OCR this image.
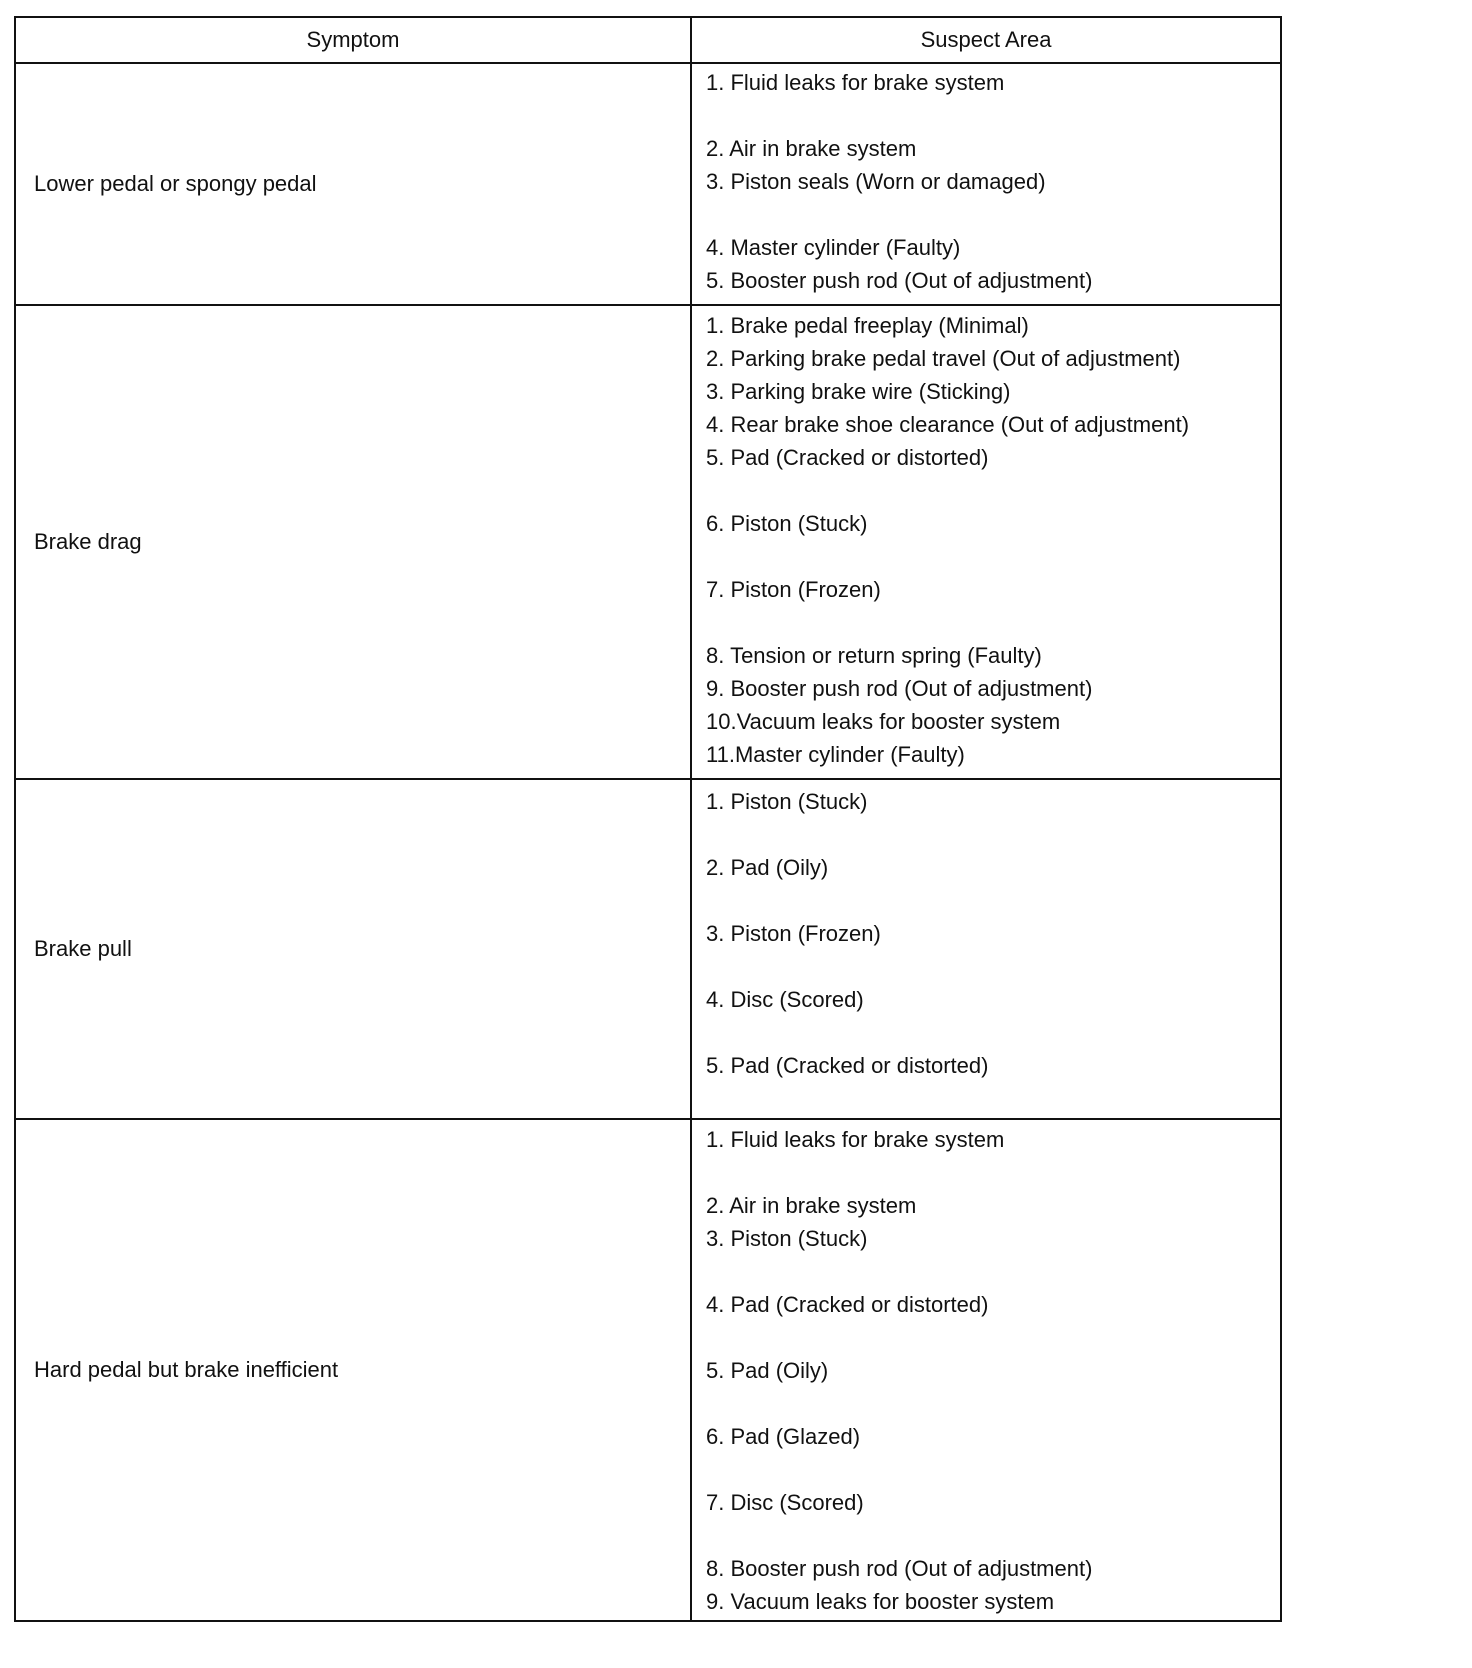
Symptom	Suspect Area
Lower pedal or spongy pedal
1. Fluid leaks for brake system
2. Air in brake system
3. Piston seals (Worn or damaged)
4. Master cylinder (Faulty)
5. Booster push rod (Out of adjustment)
Brake drag
1. Brake pedal freeplay (Minimal)
2. Parking brake pedal travel (Out of adjustment)
3. Parking brake wire (Sticking)
4. Rear brake shoe clearance (Out of adjustment)
5. Pad (Cracked or distorted)
6. Piston (Stuck)
7. Piston (Frozen)
8. Tension or return spring (Faulty)
9. Booster push rod (Out of adjustment)
10.Vacuum leaks for booster system
11.Master cylinder (Faulty)
Brake pull
1. Piston (Stuck)
2. Pad (Oily)
3. Piston (Frozen)
4. Disc (Scored)
5. Pad (Cracked or distorted)
Hard pedal but brake inefficient
1. Fluid leaks for brake system
2. Air in brake system
3. Piston (Stuck)
4. Pad (Cracked or distorted)
5. Pad (Oily)
6. Pad (Glazed)
7. Disc (Scored)
8. Booster push rod (Out of adjustment)
9. Vacuum leaks for booster system
